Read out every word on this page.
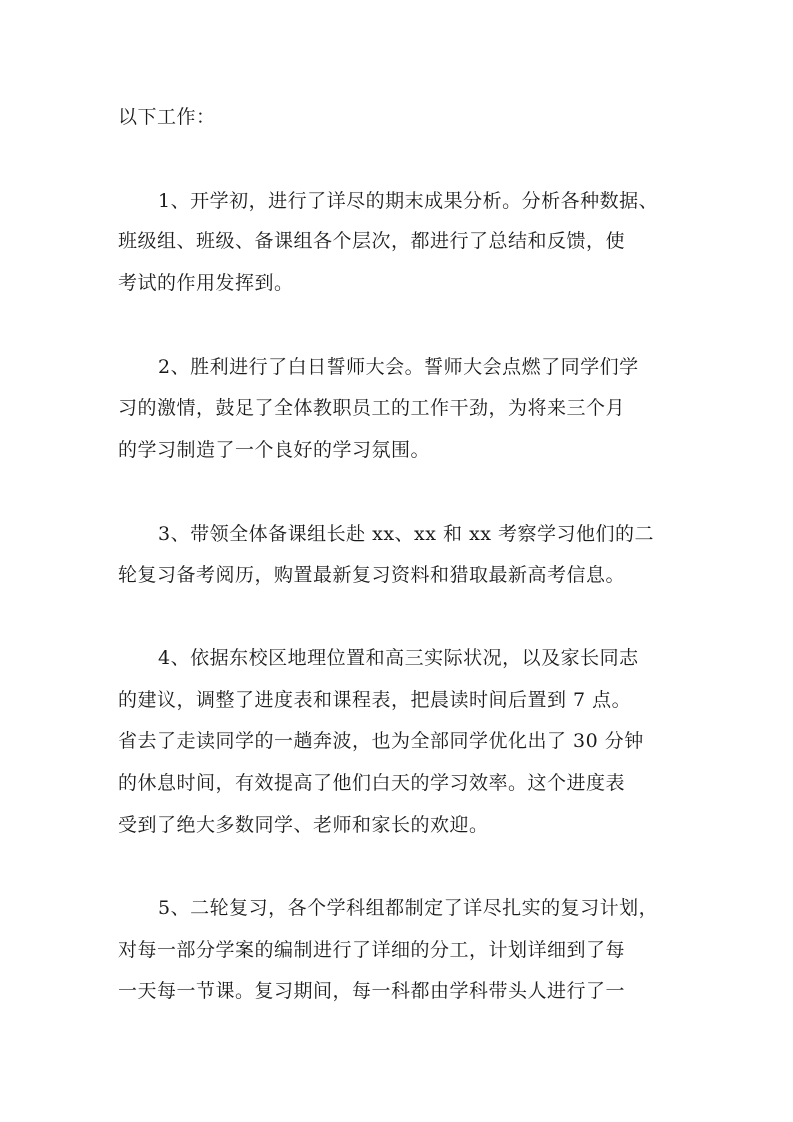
以下工作：
1、开学初，进行了详尽的期末成果分析。分析各种数据、
班级组、班级、备课组各个层次，都进行了总结和反馈，使
考试的作用发挥到。
2、胜利进行了白日誓师大会。誓师大会点燃了同学们学
习的激情，鼓足了全体教职员工的工作干劲，为将来三个月
的学习制造了一个良好的学习氛围。
3、带领全体备课组长赴 xx、xx 和 xx 考察学习他们的二
轮复习备考阅历，购置最新复习资料和猎取最新高考信息。
4、依据东校区地理位置和高三实际状况，以及家长同志
的建议，调整了进度表和课程表，把晨读时间后置到 7 点。
省去了走读同学的一趟奔波，也为全部同学优化出了 30 分钟
的休息时间，有效提高了他们白天的学习效率。这个进度表
受到了绝大多数同学、老师和家长的欢迎。
5、二轮复习，各个学科组都制定了详尽扎实的复习计划，
对每一部分学案的编制进行了详细的分工，计划详细到了每
一天每一节课。复习期间，每一科都由学科带头人进行了一
